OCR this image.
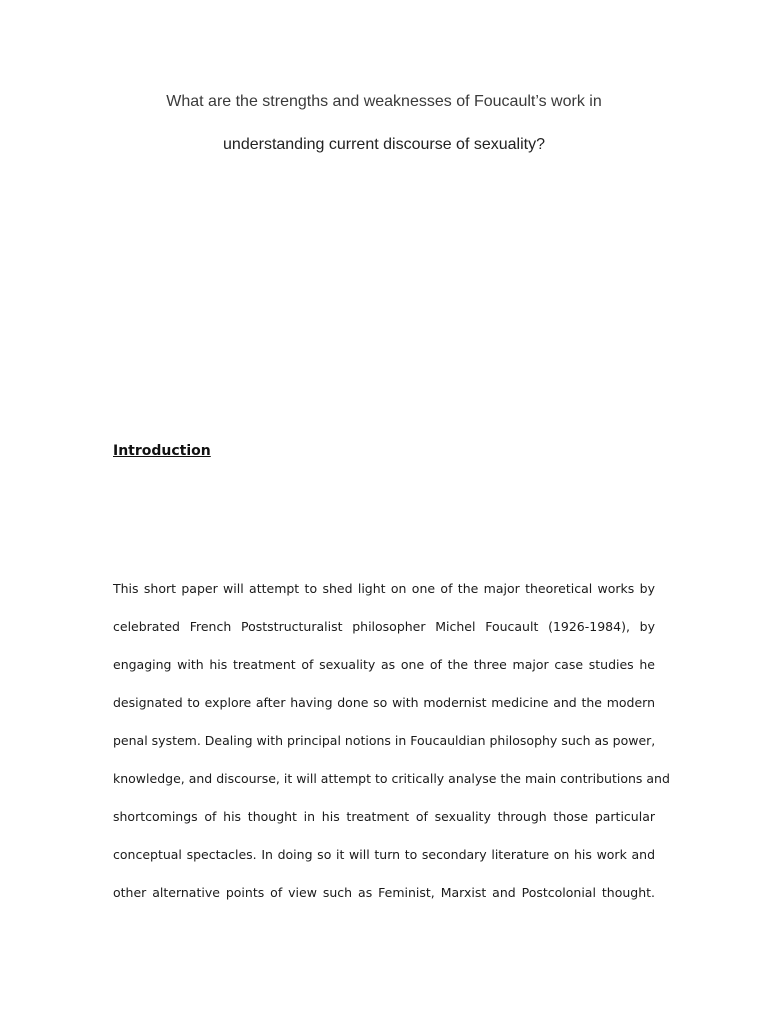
What are the strengths and weaknesses of Foucault’s work in
understanding current discourse of sexuality?
Introduction
This short paper will attempt to shed light on one of the major theoretical works by
celebrated French Poststructuralist philosopher Michel Foucault (1926-1984), by
engaging with his treatment of sexuality as one of the three major case studies he
designated to explore after having done so with modernist medicine and the modern
penal system. Dealing with principal notions in Foucauldian philosophy such as power,
knowledge, and discourse, it will attempt to critically analyse the main contributions and
shortcomings of his thought in his treatment of sexuality through those particular
conceptual spectacles. In doing so it will turn to secondary literature on his work and
other alternative points of view such as Feminist, Marxist and Postcolonial thought.
